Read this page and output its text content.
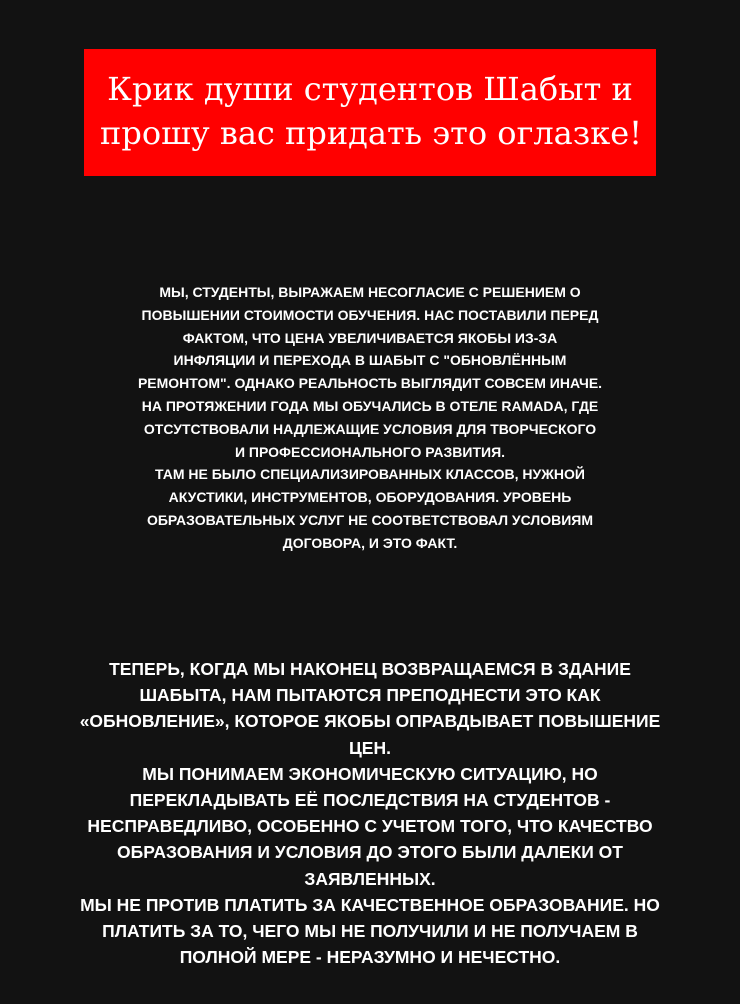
Крик души студентов Шабыт и
прошу вас придать это оглазке!
МЫ, СТУДЕНТЫ, ВЫРАЖАЕМ НЕСОГЛАСИЕ С РЕШЕНИЕМ О
ПОВЫШЕНИИ СТОИМОСТИ ОБУЧЕНИЯ. НАС ПОСТАВИЛИ ПЕРЕД
ФАКТОМ, ЧТО ЦЕНА УВЕЛИЧИВАЕТСЯ ЯКОБЫ ИЗ-ЗА
ИНФЛЯЦИИ И ПЕРЕХОДА В ШАБЫТ С "ОБНОВЛЁННЫМ
РЕМОНТОМ". ОДНАКО РЕАЛЬНОСТЬ ВЫГЛЯДИТ СОВСЕМ ИНАЧЕ.
НА ПРОТЯЖЕНИИ ГОДА МЫ ОБУЧАЛИСЬ В ОТЕЛЕ RAMADA, ГДЕ
ОТСУТСТВОВАЛИ НАДЛЕЖАЩИЕ УСЛОВИЯ ДЛЯ ТВОРЧЕСКОГО
И ПРОФЕССИОНАЛЬНОГО РАЗВИТИЯ.
ТАМ НЕ БЫЛО СПЕЦИАЛИЗИРОВАННЫХ КЛАССОВ, НУЖНОЙ
АКУСТИКИ, ИНСТРУМЕНТОВ, ОБОРУДОВАНИЯ. УРОВЕНЬ
ОБРАЗОВАТЕЛЬНЫХ УСЛУГ НЕ СООТВЕТСТВОВАЛ УСЛОВИЯМ
ДОГОВОРА, И ЭТО ФАКТ.
ТЕПЕРЬ, КОГДА МЫ НАКОНЕЦ ВОЗВРАЩАЕМСЯ В ЗДАНИЕ
ШАБЫТА, НАМ ПЫТАЮТСЯ ПРЕПОДНЕСТИ ЭТО КАК
«ОБНОВЛЕНИЕ», КОТОРОЕ ЯКОБЫ ОПРАВДЫВАЕТ ПОВЫШЕНИЕ
ЦЕН.
МЫ ПОНИМАЕМ ЭКОНОМИЧЕСКУЮ СИТУАЦИЮ, НО
ПЕРЕКЛАДЫВАТЬ ЕЁ ПОСЛЕДСТВИЯ НА СТУДЕНТОВ -
НЕСПРАВЕДЛИВО, ОСОБЕННО С УЧЕТОМ ТОГО, ЧТО КАЧЕСТВО
ОБРАЗОВАНИЯ И УСЛОВИЯ ДО ЭТОГО БЫЛИ ДАЛЕКИ ОТ
ЗАЯВЛЕННЫХ.
МЫ НЕ ПРОТИВ ПЛАТИТЬ ЗА КАЧЕСТВЕННОЕ ОБРАЗОВАНИЕ. НО
ПЛАТИТЬ ЗА ТО, ЧЕГО МЫ НЕ ПОЛУЧИЛИ И НЕ ПОЛУЧАЕМ В
ПОЛНОЙ МЕРЕ - НЕРАЗУМНО И НЕЧЕСТНО.
